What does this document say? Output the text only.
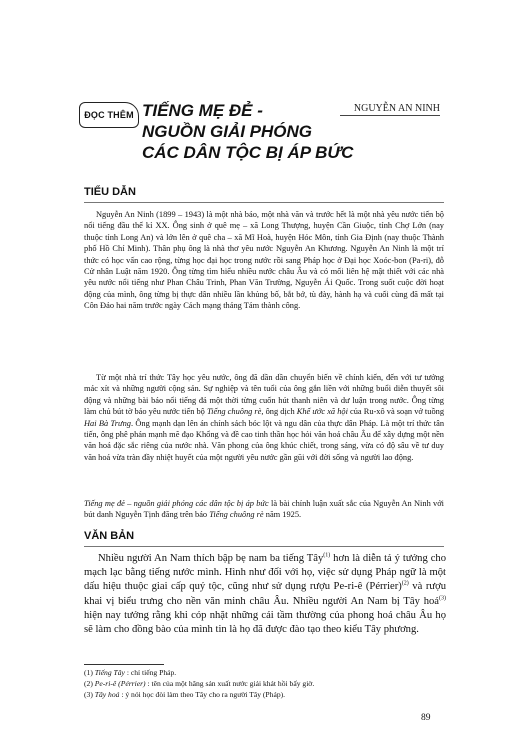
ĐỌC THÊM TIẾNG MẸ ĐẺ -
NGUỒN GIẢI PHÓNG
CÁC DÂN TỘC BỊ ÁP BỨC
NGUYỄN AN NINH
TIỂU DẪN
Nguyễn An Ninh (1899 – 1943) là một nhà báo, một nhà văn và trước hết là một nhà yêu nước tiến bộ nổi tiếng đầu thế kỉ XX. Ông sinh ở quê mẹ – xã Long Thượng, huyện Cần Giuộc, tỉnh Chợ Lớn (nay thuộc tỉnh Long An) và lớn lên ở quê cha – xã Mĩ Hoà, huyện Hóc Môn, tỉnh Gia Định (nay thuộc Thành phố Hồ Chí Minh). Thân phụ ông là nhà thơ yêu nước Nguyễn An Khương. Nguyễn An Ninh là một trí thức có học vấn cao rộng, từng học đại học trong nước rồi sang Pháp học ở Đại học Xoóc-bon (Pa-ri), đỗ Cử nhân Luật năm 1920. Ông từng tìm hiểu nhiều nước châu Âu và có mối liên hệ mật thiết với các nhà yêu nước nổi tiếng như Phan Châu Trinh, Phan Văn Trường, Nguyễn Ái Quốc. Trong suốt cuộc đời hoạt động của mình, ông từng bị thực dân nhiều lần khủng bố, bắt bớ, tù đày, hành hạ và cuối cùng đã mất tại Côn Đảo hai năm trước ngày Cách mạng tháng Tám thành công.
Từ một nhà trí thức Tây học yêu nước, ông đã dần dần chuyển biến về chính kiến, đến với tư tưởng mác xít và những người cộng sản. Sự nghiệp và tên tuổi của ông gắn liền với những buổi diễn thuyết sôi động và những bài báo nổi tiếng đả một thời từng cuốn hút thanh niên và dư luận trong nước. Ông từng làm chủ bút tờ báo yêu nước tiến bộ Tiếng chuông rè, ông dịch Khế ước xã hội của Ru-xô và soạn vở tuồng Hai Bà Trưng. Ông mạnh dạn lên án chính sách bóc lột và ngu dân của thực dân Pháp. Là một trí thức tân tiến, ông phê phán mạnh mẽ đạo Khổng và đề cao tinh thần học hỏi văn hoá châu Âu để xây dựng một nền văn hoá đặc sắc riêng của nước nhà. Văn phong của ông khúc chiết, trong sáng, vừa có độ sâu về tư duy văn hoá vừa tràn đầy nhiệt huyết của một người yêu nước gần gũi với đời sống và người lao động.
Tiếng mẹ đẻ – nguồn giải phóng các dân tộc bị áp bức là bài chính luận xuất sắc của Nguyễn An Ninh với bút danh Nguyễn Tịnh đăng trên báo Tiếng chuông rè năm 1925.
VĂN BẢN
Nhiều người An Nam thích bập bẹ nam ba tiếng Tây$^{(1)}$ hơn là diễn tả ý tưởng cho mạch lạc bằng tiếng nước mình. Hình như đối với họ, việc sử dụng Pháp ngữ là một dấu hiệu thuộc giai cấp quý tộc, cũng như sử dụng rượu Pe-ri-ê (Pérrier)$^{(2)}$ và rượu khai vị biểu trưng cho nền văn minh châu Âu. Nhiều người An Nam bị Tây hoá$^{(3)}$ hiện nay tưởng rằng khi cóp nhặt những cái tầm thường của phong hoá châu Âu họ sẽ làm cho đồng bào của mình tin là họ đã được đào tạo theo kiểu Tây phương.
(1) Tiếng Tây : chỉ tiếng Pháp.
(2) Pe-ri-ê (Pérrier) : tên của một hãng sản xuất nước giải khát hồi bấy giờ.
(3) Tây hoá : ý nói học đòi làm theo Tây cho ra người Tây (Pháp).
89
